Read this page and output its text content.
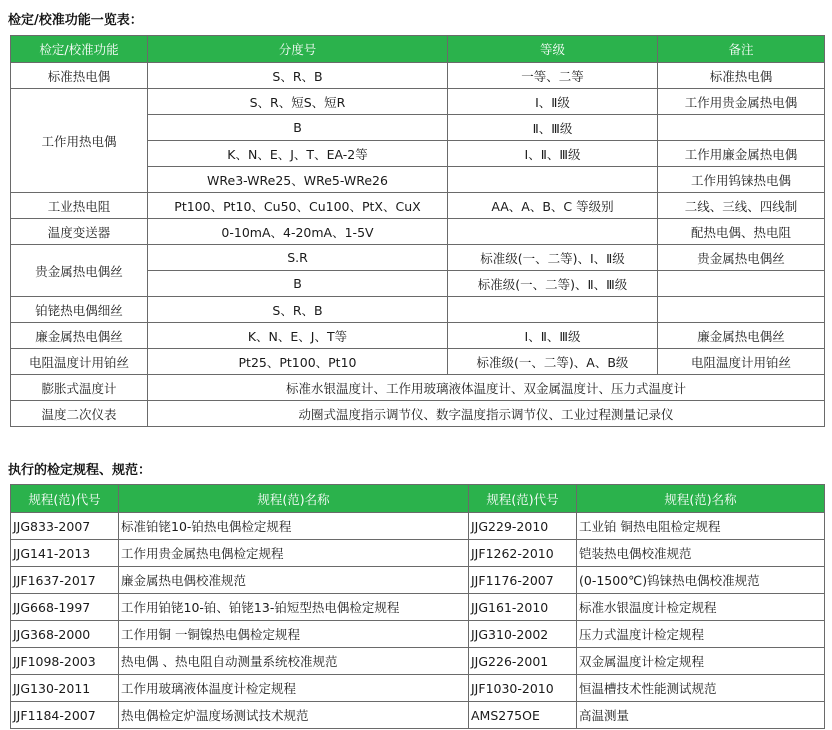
检定/校准功能一览表：
检定/校准功能	分度号	等级	备注
标准热电偶	S、R、B	一等、二等	标准热电偶
工作用热电偶	S、R、短S、短R	Ⅰ、Ⅱ级	工作用贵金属热电偶
	B	Ⅱ、Ⅲ级	
	K、N、E、J、T、EA-2等	Ⅰ、Ⅱ、Ⅲ级	工作用廉金属热电偶
	WRe3-WRe25、WRe5-WRe26		工作用钨铼热电偶
工业热电阻	Pt100、Pt10、Cu50、Cu100、PtX、CuX	AA、A、B、C 等级别	二线、三线、四线制
温度变送器	0-10mA、4-20mA、1-5V		配热电偶、热电阻
贵金属热电偶丝	S.R	标准级(一、二等)、Ⅰ、Ⅱ级	贵金属热电偶丝
	B	标准级(一、二等)、Ⅱ、Ⅲ级	
铂铑热电偶细丝	S、R、B		
廉金属热电偶丝	K、N、E、J、T等	Ⅰ、Ⅱ、Ⅲ级	廉金属热电偶丝
电阻温度计用铂丝	Pt25、Pt100、Pt10	标准级(一、二等)、A、B级	电阻温度计用铂丝
膨胀式温度计	标准水银温度计、工作用玻璃液体温度计、双金属温度计、压力式温度计		
温度二次仪表	动圈式温度指示调节仪、数字温度指示调节仪、工业过程测量记录仪		
执行的检定规程、规范：
规程(范)代号	规程(范)名称	规程(范)代号	规程(范)名称
JJG833-2007	标准铂铑10-铂热电偶检定规程	JJG229-2010	工业铂 铜热电阻检定规程
JJG141-2013	工作用贵金属热电偶检定规程	JJF1262-2010	铠装热电偶校准规范
JJF1637-2017	廉金属热电偶校准规范	JJF1176-2007	(0-1500℃)钨铼热电偶校准规范
JJG668-1997	工作用铂铑10-铂、铂铑13-铂短型热电偶检定规程	JJG161-2010	标准水银温度计检定规程
JJG368-2000	工作用铜 一铜镍热电偶检定规程	JJG310-2002	压力式温度计检定规程
JJF1098-2003	热电偶 、热电阻自动测量系统校准规范	JJG226-2001	双金属温度计检定规程
JJG130-2011	工作用玻璃液体温度计检定规程	JJF1030-2010	恒温槽技术性能测试规范
JJF1184-2007	热电偶检定炉温度场测试技术规范	AMS275OE	高温测量
